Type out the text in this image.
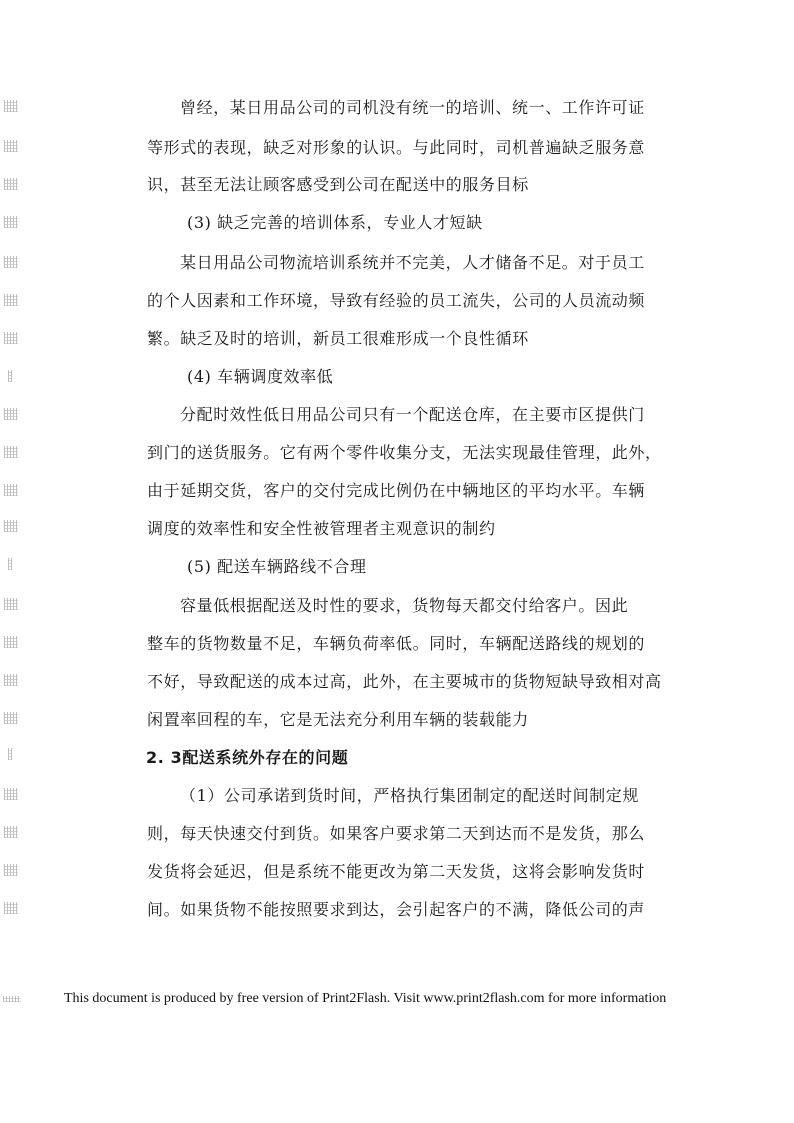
曾经，某日用品公司的司机没有统一的培训、统一、工作许可证
等形式的表现，缺乏对形象的认识。与此同时，司机普遍缺乏服务意
识，甚至无法让顾客感受到公司在配送中的服务目标
(3) 缺乏完善的培训体系，专业人才短缺
某日用品公司物流培训系统并不完美，人才储备不足。对于员工
的个人因素和工作环境，导致有经验的员工流失，公司的人员流动频
繁。缺乏及时的培训，新员工很难形成一个良性循环
(4) 车辆调度效率低
分配时效性低日用品公司只有一个配送仓库，在主要市区提供门
到门的送货服务。它有两个零件收集分支，无法实现最佳管理，此外，
由于延期交货，客户的交付完成比例仍在中辆地区的平均水平。车辆
调度的效率性和安全性被管理者主观意识的制约
(5) 配送车辆路线不合理
容量低根据配送及时性的要求，货物每天都交付给客户。因此
整车的货物数量不足，车辆负荷率低。同时，车辆配送路线的规划的
不好，导致配送的成本过高，此外，在主要城市的货物短缺导致相对高
闲置率回程的车，它是无法充分利用车辆的装载能力
2. 3配送系统外存在的问题
（1）公司承诺到货时间，严格执行集团制定的配送时间制定规
则，每天快速交付到货。如果客户要求第二天到达而不是发货，那么
发货将会延迟，但是系统不能更改为第二天发货，这将会影响发货时
间。如果货物不能按照要求到达，会引起客户的不满，降低公司的声
This document is produced by free version of Print2Flash. Visit www.print2flash.com for more information
